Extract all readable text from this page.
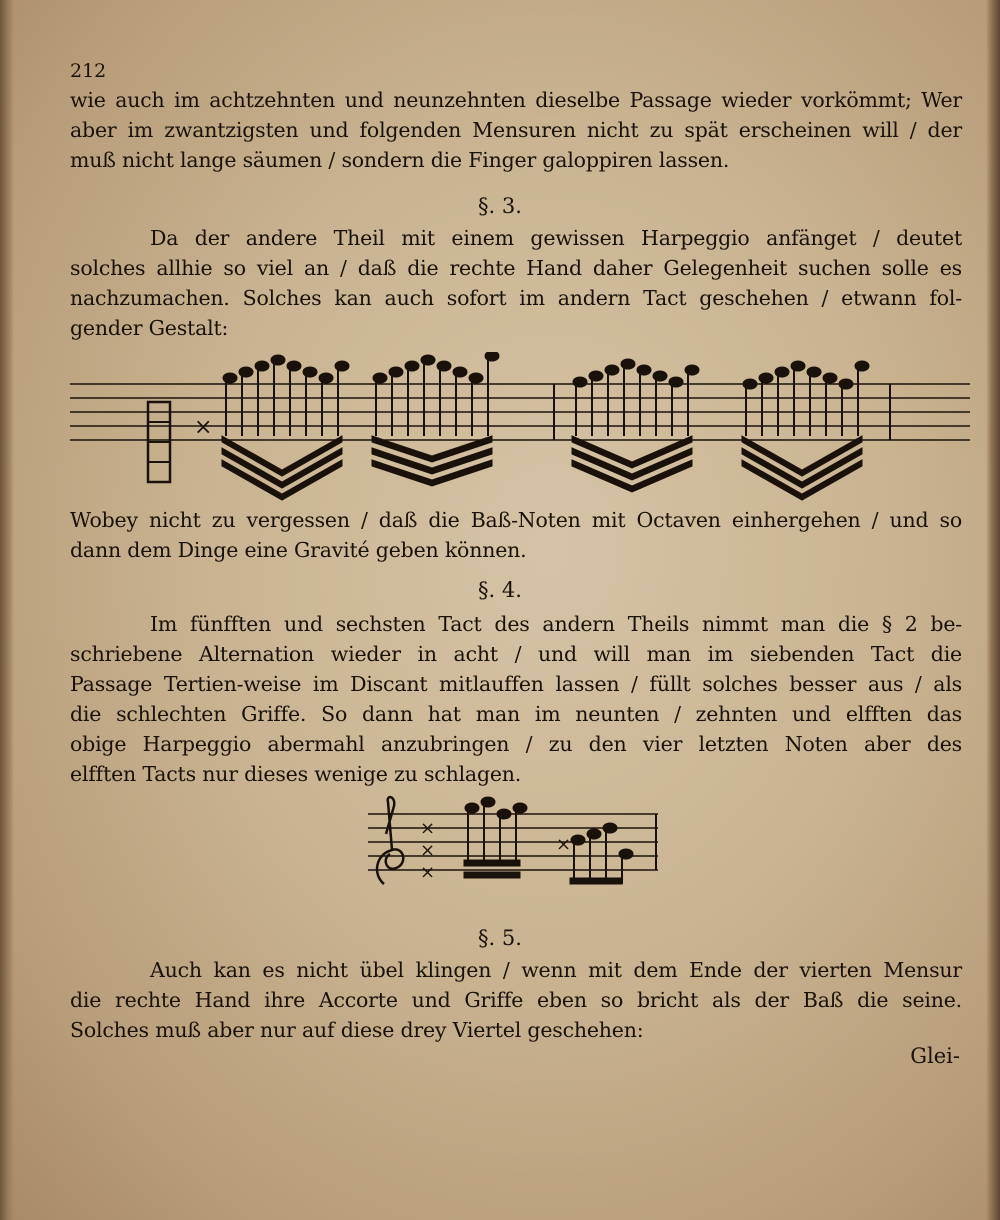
212
wie auch im achtzehnten und neunzehnten dieselbe Passage wieder vorkömmt; Wer
aber im zwantzigsten und folgenden Mensuren nicht zu spät erscheinen will / der
muß nicht lange säumen / sondern die Finger galoppiren lassen.
§. 3.
Da der andere Theil mit einem gewissen Harpeggio anfänget / deutet
solches allhie so viel an / daß die rechte Hand daher Gelegenheit suchen solle es
nachzumachen. Solches kan auch sofort im andern Tact geschehen / etwann fol-
gender Gestalt:
×
Wobey nicht zu vergessen / daß die Baß-Noten mit Octaven einhergehen / und so
dann dem Dinge eine Gravité geben können.
§. 4.
Im fünfften und sechsten Tact des andern Theils nimmt man die § 2 be-
schriebene Alternation wieder in acht / und will man im siebenden Tact die
Passage Tertien-weise im Discant mitlauffen lassen / füllt solches besser aus / als
die schlechten Griffe. So dann hat man im neunten / zehnten und elfften das
obige Harpeggio abermahl anzubringen / zu den vier letzten Noten aber des
elfften Tacts nur dieses wenige zu schlagen.
×
×
×
×
§. 5.
Auch kan es nicht übel klingen / wenn mit dem Ende der vierten Mensur
die rechte Hand ihre Accorte und Griffe eben so bricht als der Baß die seine.
Solches muß aber nur auf diese drey Viertel geschehen:
Glei-
